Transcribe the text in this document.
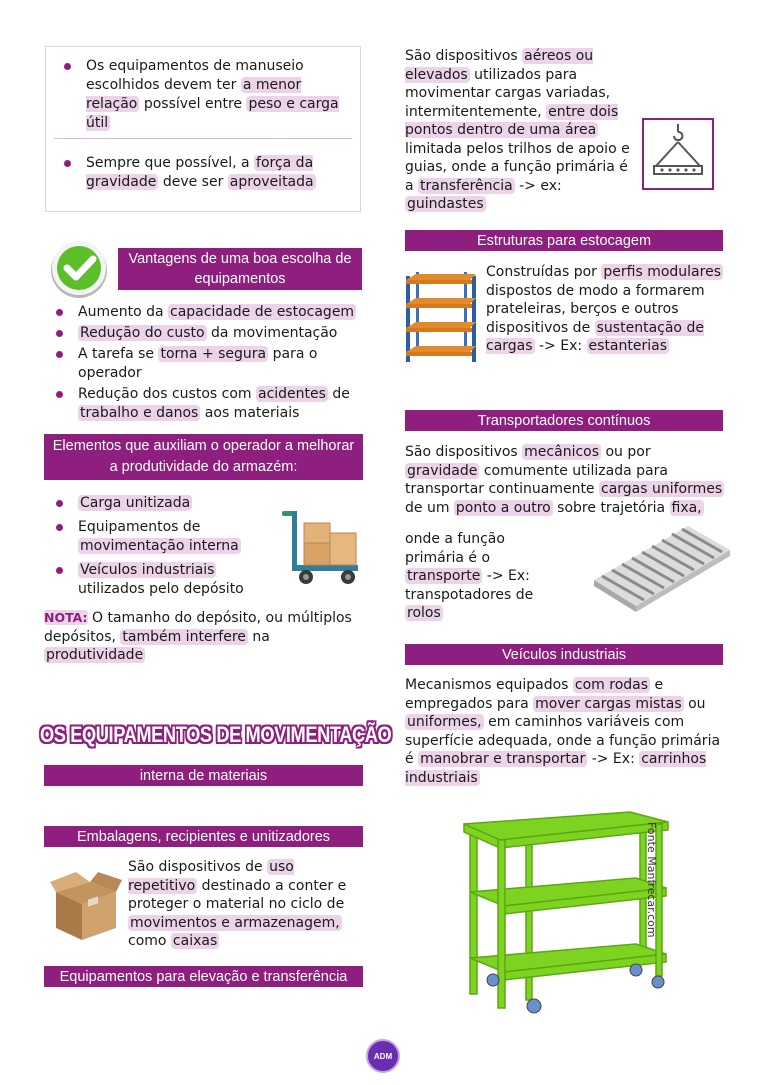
Os equipamentos de manuseio escolhidos devem ter a menor relação possível entre peso e carga útil
Sempre que possível, a força da gravidade deve ser aproveitada
Vantagens de uma boa escolha de equipamentos
Aumento da capacidade de estocagem
Redução do custo da movimentação
A tarefa se torna + segura para o operador
Redução dos custos com acidentes de trabalho e danos aos materiais
Elementos que auxiliam o operador a melhorar a produtividade do armazém:
Carga unitizada
Equipamentos de movimentação interna
Veículos industriais utilizados pelo depósito
NOTA: O tamanho do depósito, ou múltiplos depósitos, também interfere na produtividade
OS EQUIPAMENTOS DE MOVIMENTAÇÃO
interna de materiais
Embalagens, recipientes e unitizadores
São dispositivos de uso repetitivo destinado a conter e proteger o material no ciclo de movimentos e armazenagem, como caixas
Equipamentos para elevação e transferência
São dispositivos aéreos ou elevados utilizados para movimentar cargas variadas, intermitentemente, entre dois pontos dentro de uma área limitada pelos trilhos de apoio e guias, onde a função primária é a transferência -> ex: guindastes
Estruturas para estocagem
Construídas por perfis modulares dispostos de modo a formarem prateleiras, berços e outros dispositivos de sustentação de cargas -> Ex: estanterias
Transportadores contínuos
São dispositivos mecânicos ou por gravidade comumente utilizada para transportar continuamente cargas uniformes de um ponto a outro sobre trajetória fixa,
onde a função primária é o transporte -> Ex: transpotadores de rolos
Veículos industriais
Mecanismos equipados com rodas e empregados para mover cargas mistas ou uniformes, em caminhos variáveis com superfície adequada, onde a função primária é manobrar e transportar -> Ex: carrinhos industriais
Fonte Manfrecar.com
ADM
